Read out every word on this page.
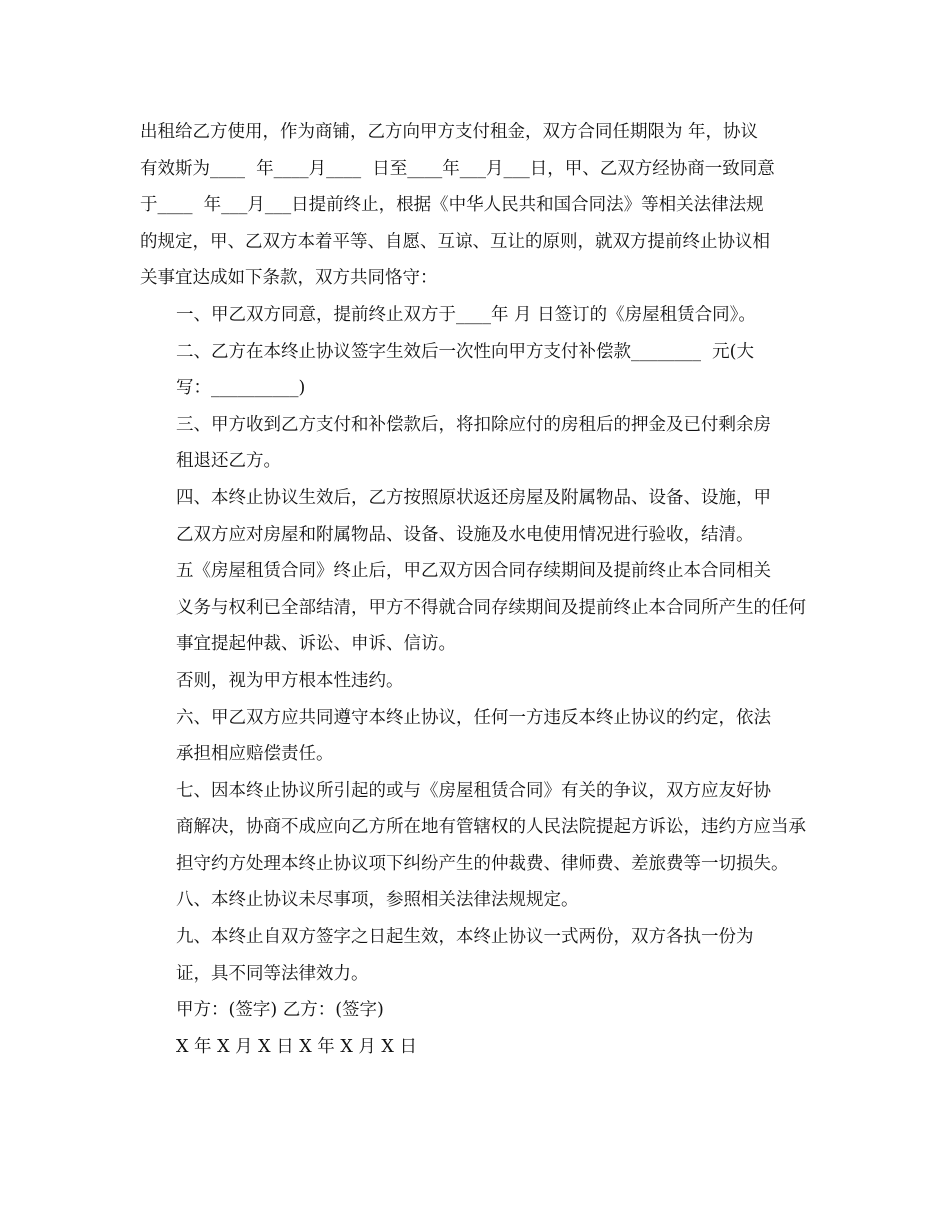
出租给乙方使用，作为商铺，乙方向甲方支付租金，双方合同任期限为 年，协议
有效斯为____  年____月____  日至____年___月___日，甲、乙双方经协商一致同意
于____  年___月___日提前终止，根据《中华人民共和国合同法》等相关法律法规
的规定，甲、乙双方本着平等、自愿、互谅、互让的原则，就双方提前终止协议相
关事宜达成如下条款，双方共同恪守：
一、甲乙双方同意，提前终止双方于____年 月 日签订的《房屋租赁合同》。
二、乙方在本终止协议签字生效后一次性向甲方支付补偿款________  元(大
写：__________)
三、甲方收到乙方支付和补偿款后，将扣除应付的房租后的押金及已付剩余房
租退还乙方。
四、本终止协议生效后，乙方按照原状返还房屋及附属物品、设备、设施，甲
乙双方应对房屋和附属物品、设备、设施及水电使用情况进行验收，结清。
五《房屋租赁合同》终止后，甲乙双方因合同存续期间及提前终止本合同相关
义务与权利已全部结清，甲方不得就合同存续期间及提前终止本合同所产生的任何
事宜提起仲裁、诉讼、申诉、信访。
否则，视为甲方根本性违约。
六、甲乙双方应共同遵守本终止协议，任何一方违反本终止协议的约定，依法
承担相应赔偿责任。
七、因本终止协议所引起的或与《房屋租赁合同》有关的争议，双方应友好协
商解决，协商不成应向乙方所在地有管辖权的人民法院提起方诉讼，违约方应当承
担守约方处理本终止协议项下纠纷产生的仲裁费、律师费、差旅费等一切损失。
八、本终止协议未尽事项，参照相关法律法规规定。
九、本终止自双方签字之日起生效，本终止协议一式两份，双方各执一份为
证，具不同等法律效力。
甲方：(签字) 乙方：(签字)
X 年 X 月 X 日 X 年 X 月 X 日
